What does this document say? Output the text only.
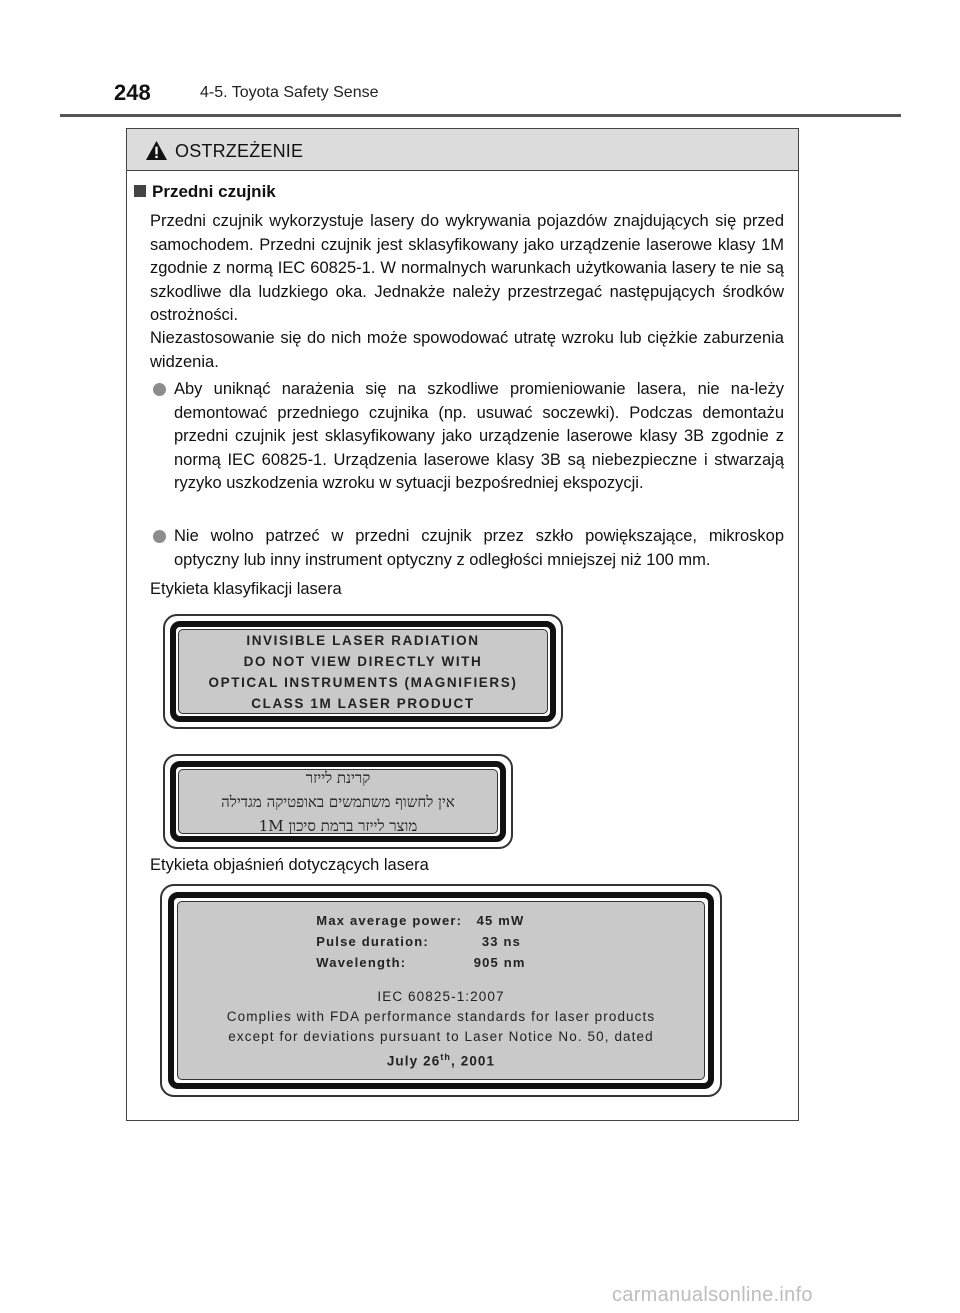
248	4-5. Toyota Safety Sense
OSTRZEŻENIE
Przedni czujnik
Przedni czujnik wykorzystuje lasery do wykrywania pojazdów znajdujących się przed samochodem. Przedni czujnik jest sklasyfikowany jako urządzenie laserowe klasy 1M zgodnie z normą IEC 60825-1. W normalnych warunkach użytkowania lasery te nie są szkodliwe dla ludzkiego oka. Jednakże należy przestrzegać następujących środków ostrożności.
Niezastosowanie się do nich może spowodować utratę wzroku lub ciężkie zaburzenia widzenia.
Aby uniknąć narażenia się na szkodliwe promieniowanie lasera, nie na-leży demontować przedniego czujnika (np. usuwać soczewki). Podczas demontażu przedni czujnik jest sklasyfikowany jako urządzenie laserowe klasy 3B zgodnie z normą IEC 60825-1. Urządzenia laserowe klasy 3B są niebezpieczne i stwarzają ryzyko uszkodzenia wzroku w sytuacji bezpośredniej ekspozycji.
Nie wolno patrzeć w przedni czujnik przez szkło powiększające, mikroskop optyczny lub inny instrument optyczny z odległości mniejszej niż 100 mm.
Etykieta klasyfikacji lasera
INVISIBLE LASER RADIATION
DO NOT VIEW DIRECTLY WITH
OPTICAL INSTRUMENTS (MAGNIFIERS)
CLASS 1M LASER PRODUCT
קרינת לייזר
אין לחשוף משתמשים באופטיקה מגדילה
מוצר לייזר ברמת סיכון 1M
Etykieta objaśnień dotyczących lasera
Max average power: 45 mW
Pulse duration:	33 ns
Wavelength:	905 nm
IEC 60825-1:2007
Complies with FDA performance standards for laser products
except for deviations pursuant to Laser Notice No. 50, dated
July 26th, 2001
carmanualsonline.info
